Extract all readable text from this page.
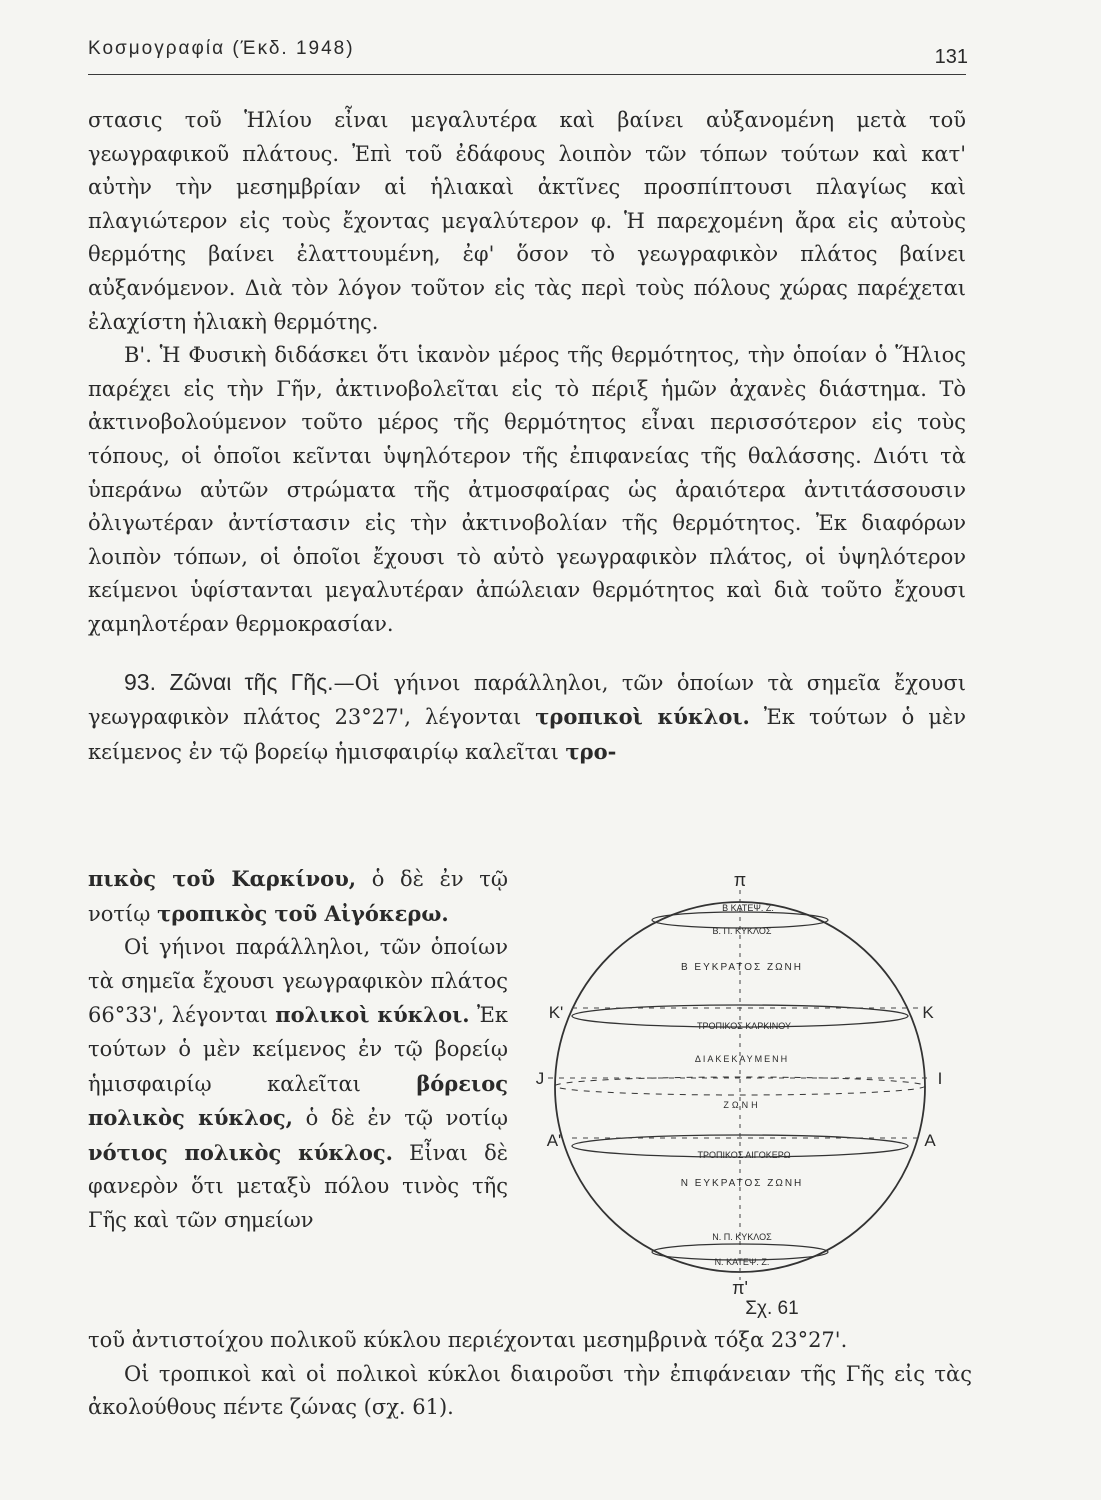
Κοσμογραφία (Έκδ. 1948)	131

στασις τοῦ Ἡλίου εἶναι μεγαλυτέρα καὶ βαίνει αὐξανομένη μετὰ τοῦ γεωγραφικοῦ πλάτους. Ἐπὶ τοῦ ἐδάφους λοιπὸν τῶν τόπων τούτων καὶ κατ' αὐτὴν τὴν μεσημβρίαν αἱ ἡλιακαὶ ἀκτῖνες προσπίπτουσι πλαγίως καὶ πλαγιώτερον εἰς τοὺς ἔχοντας μεγαλύτερον φ. Ἡ παρεχομένη ἄρα εἰς αὐτοὺς θερμότης βαίνει ἐλαττουμένη, ἐφ' ὅσον τὸ γεωγραφικὸν πλάτος βαίνει αὐξανόμενον. Διὰ τὸν λόγον τοῦτον εἰς τὰς περὶ τοὺς πόλους χώρας παρέχεται ἐλαχίστη ἡλιακὴ θερμότης.

Β'. Ἡ Φυσικὴ διδάσκει ὅτι ἱκανὸν μέρος τῆς θερμότητος, τὴν ὁποίαν ὁ Ἥλιος παρέχει εἰς τὴν Γῆν, ἀκτινοβολεῖται εἰς τὸ πέριξ ἡμῶν ἀχανὲς διάστημα. Τὸ ἀκτινοβολούμενον τοῦτο μέρος τῆς θερμότητος εἶναι περισσότερον εἰς τοὺς τόπους, οἱ ὁποῖοι κεῖνται ὑψηλότερον τῆς ἐπιφανείας τῆς θαλάσσης. Διότι τὰ ὑπεράνω αὐτῶν στρώματα τῆς ἀτμοσφαίρας ὡς ἀραιότερα ἀντιτάσσουσιν ὀλιγωτέραν ἀντίστασιν εἰς τὴν ἀκτινοβολίαν τῆς θερμότητος. Ἐκ διαφόρων λοιπὸν τόπων, οἱ ὁποῖοι ἔχουσι τὸ αὐτὸ γεωγραφικὸν πλάτος, οἱ ὑψηλότερον κείμενοι ὑφίστανται μεγαλυτέραν ἀπώλειαν θερμότητος καὶ διὰ τοῦτο ἔχουσι χαμηλοτέραν θερμοκρασίαν.

93. Ζῶναι τῆς Γῆς.—Οἱ γήινοι παράλληλοι, τῶν ὁποίων τὰ σημεῖα ἔχουσι γεωγραφικὸν πλάτος 23°27', λέγονται τροπικοὶ κύκλοι. Ἐκ τούτων ὁ μὲν κείμενος ἐν τῷ βορείῳ ἡμισφαιρίῳ καλεῖται τρο-

πικὸς τοῦ Καρκίνου, ὁ δὲ ἐν τῷ νοτίῳ τροπικὸς τοῦ Αἰγόκερω.

Οἱ γήινοι παράλληλοι, τῶν ὁποίων τὰ σημεῖα ἔχουσι γεωγραφικὸν πλάτος 66°33', λέγονται πολικοὶ κύκλοι. Ἐκ τούτων ὁ μὲν κείμενος ἐν τῷ βορείῳ ἡμισφαιρίῳ καλεῖται βόρειος πολικὸς κύκλος, ὁ δὲ ἐν τῷ νοτίῳ νότιος πολικὸς κύκλος. Εἶναι δὲ φανερὸν ὅτι μεταξὺ πόλου τινὸς τῆς Γῆς καὶ τῶν σημείων

π
π'
K'
J
A'
K
I
A
Β ΚΑΤΕΨ. Ζ.
Β. Π. ΚΥΚΛΟΣ
Β ΕΥΚΡΑΤΟΣ ΖΩΝΗ
ΤΡΟΠΙΚΟΣ ΚΑΡΚΙΝΟΥ
ΔΙΑΚΕΚΑΥΜΕΝΗ
ΖΩΝΗ
ΤΡΟΠΙΚΟΣ ΑΙΓΟΚΕΡΩ
Ν ΕΥΚΡΑΤΟΣ ΖΩΝΗ
Ν. Π. ΚΥΚΛΟΣ
Ν. ΚΑΤΕΨ. Ζ.
Σχ. 61

τοῦ ἀντιστοίχου πολικοῦ κύκλου περιέχονται μεσημβρινὰ τόξα 23°27'.

Οἱ τροπικοὶ καὶ οἱ πολικοὶ κύκλοι διαιροῦσι τὴν ἐπιφάνειαν τῆς Γῆς εἰς τὰς ἀκολούθους πέντε ζώνας (σχ. 61).
